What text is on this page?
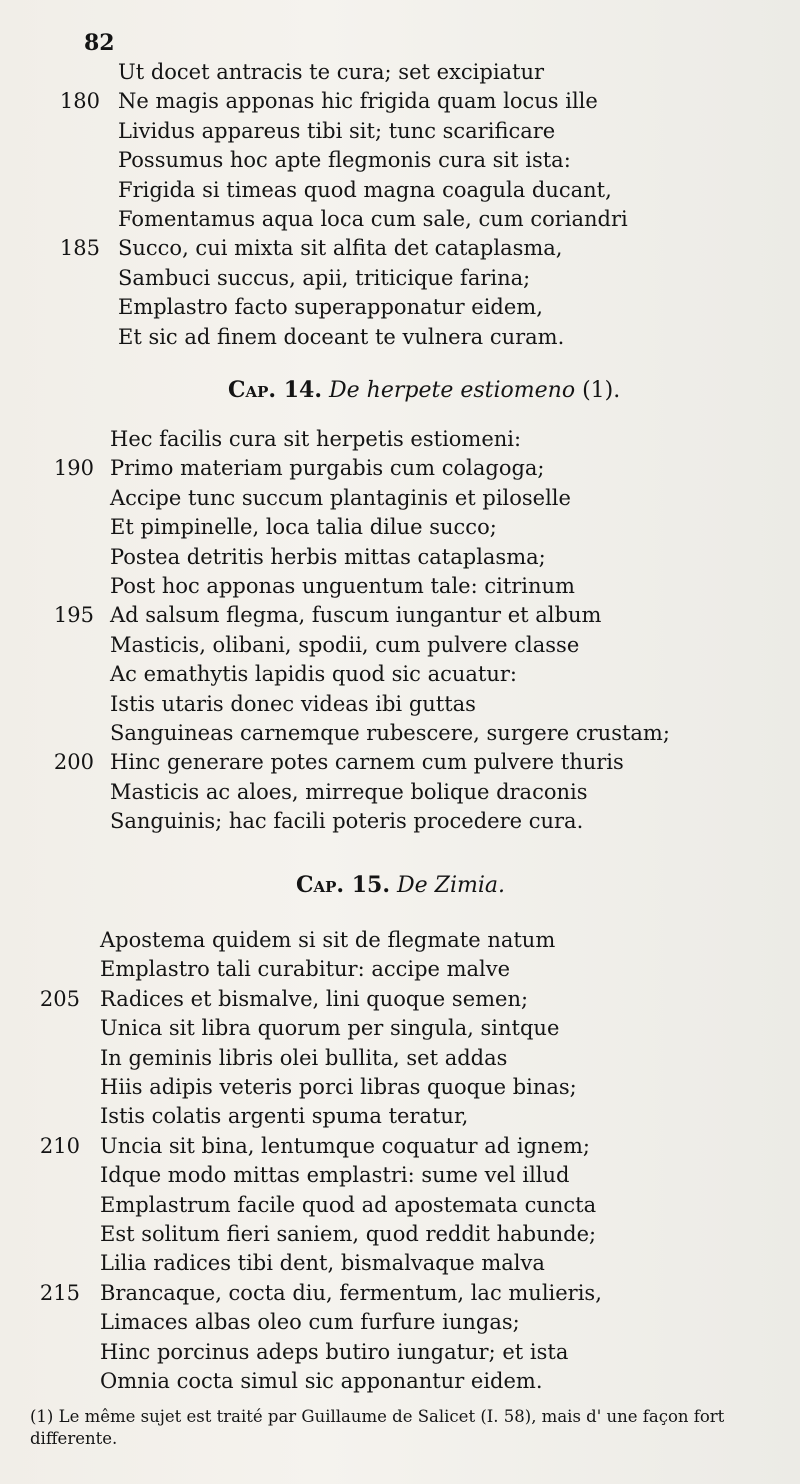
82
Ut docet antracis te cura; set excipiatur
180 Ne magis apponas hic frigida quam locus ille
Lividus appareus tibi sit; tunc scarificare
Possumus hoc apte flegmonis cura sit ista:
Frigida si timeas quod magna coagula ducant,
Fomentamus aqua loca cum sale, cum coriandri
185 Succo, cui mixta sit alfita det cataplasma,
Sambuci succus, apii, triticique farina;
Emplastro facto superapponatur eidem,
Et sic ad finem doceant te vulnera curam.
Cap. 14. De herpete estiomeno (1).
Hec facilis cura sit herpetis estiomeni:
190 Primo materiam purgabis cum colagoga;
Accipe tunc succum plantaginis et piloselle
Et pimpinelle, loca talia dilue succo;
Postea detritis herbis mittas cataplasma;
Post hoc apponas unguentum tale: citrinum
195 Ad salsum flegma, fuscum iungantur et album
Masticis, olibani, spodii, cum pulvere classe
Ac emathytis lapidis quod sic acuatur:
Istis utaris donec videas ibi guttas
Sanguineas carnemque rubescere, surgere crustam;
200 Hinc generare potes carnem cum pulvere thuris
Masticis ac aloes, mirreque bolique draconis
Sanguinis; hac facili poteris procedere cura.
Cap. 15. De Zimia.
Apostema quidem si sit de flegmate natum
Emplastro tali curabitur: accipe malve
205 Radices et bismalve, lini quoque semen;
Unica sit libra quorum per singula, sintque
In geminis libris olei bullita, set addas
Hiis adipis veteris porci libras quoque binas;
Istis colatis argenti spuma teratur,
210 Uncia sit bina, lentumque coquatur ad ignem;
Idque modo mittas emplastri: sume vel illud
Emplastrum facile quod ad apostemata cuncta
Est solitum fieri saniem, quod reddit habunde;
Lilia radices tibi dent, bismalvaque malva
215 Brancaque, cocta diu, fermentum, lac mulieris,
Limaces albas oleo cum furfure iungas;
Hinc porcinus adeps butiro iungatur; et ista
Omnia cocta simul sic apponantur eidem.
(1) Le même sujet est traité par Guillaume de Salicet (I. 58), mais d' une façon fort differente.
